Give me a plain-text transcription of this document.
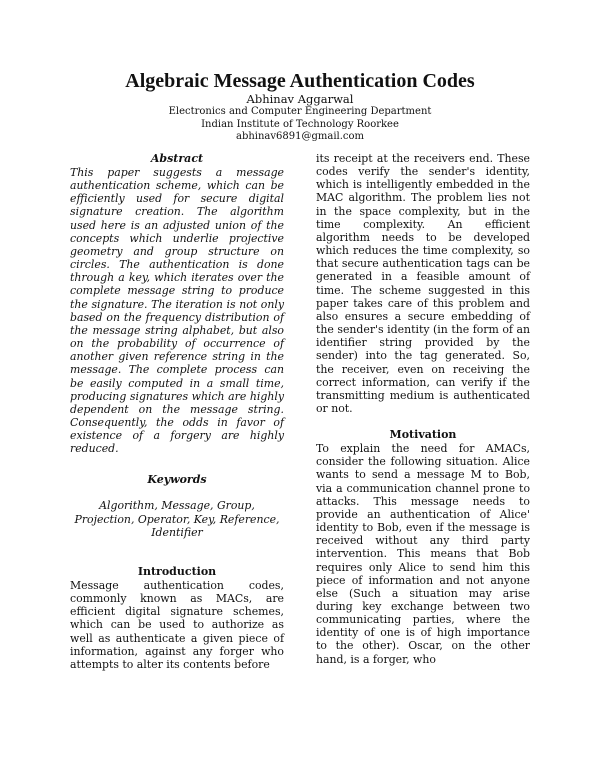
Algebraic Message Authentication Codes
Abhinav Aggarwal
Electronics and Computer Engineering Department
Indian Institute of Technology Roorkee
abhinav6891@gmail.com
Abstract

This paper suggests a message authentication scheme, which can be efficiently used for secure digital signature creation. The algorithm used here is an adjusted union of the concepts which underlie projective geometry and group structure on circles. The authentication is done through a key, which iterates over the complete message string to produce the signature. The iteration is not only based on the frequency distribution of the message string alphabet, but also on the probability of occurrence of another given reference string in the message. The complete process can be easily computed in a small time, producing signatures which are highly dependent on the message string. Consequently, the odds in favor of existence of a forgery are highly reduced.

Keywords

Algorithm, Message, Group, Projection, Operator, Key, Reference, Identifier

Introduction

Message authentication codes, commonly known as MACs, are efficient digital signature schemes, which can be used to authorize as well as authenticate a given piece of information, against any forger who attempts to alter its contents before

its receipt at the receivers end. These codes verify the sender's identity, which is intelligently embedded in the MAC algorithm. The problem lies not in the space complexity, but in the time complexity. An efficient algorithm needs to be developed which reduces the time complexity, so that secure authentication tags can be generated in a feasible amount of time. The scheme suggested in this paper takes care of this problem and also ensures a secure embedding of the sender's identity (in the form of an identifier string provided by the sender) into the tag generated. So, the receiver, even on receiving the correct information, can verify if the transmitting medium is authenticated or not.

Motivation

To explain the need for AMACs, consider the following situation. Alice wants to send a message M to Bob, via a communication channel prone to attacks. This message needs to provide an authentication of Alice' identity to Bob, even if the message is received without any third party intervention. This means that Bob requires only Alice to send him this piece of information and not anyone else (Such a situation may arise during key exchange between two communicating parties, where the identity of one is of high importance to the other). Oscar, on the other hand, is a forger, who
